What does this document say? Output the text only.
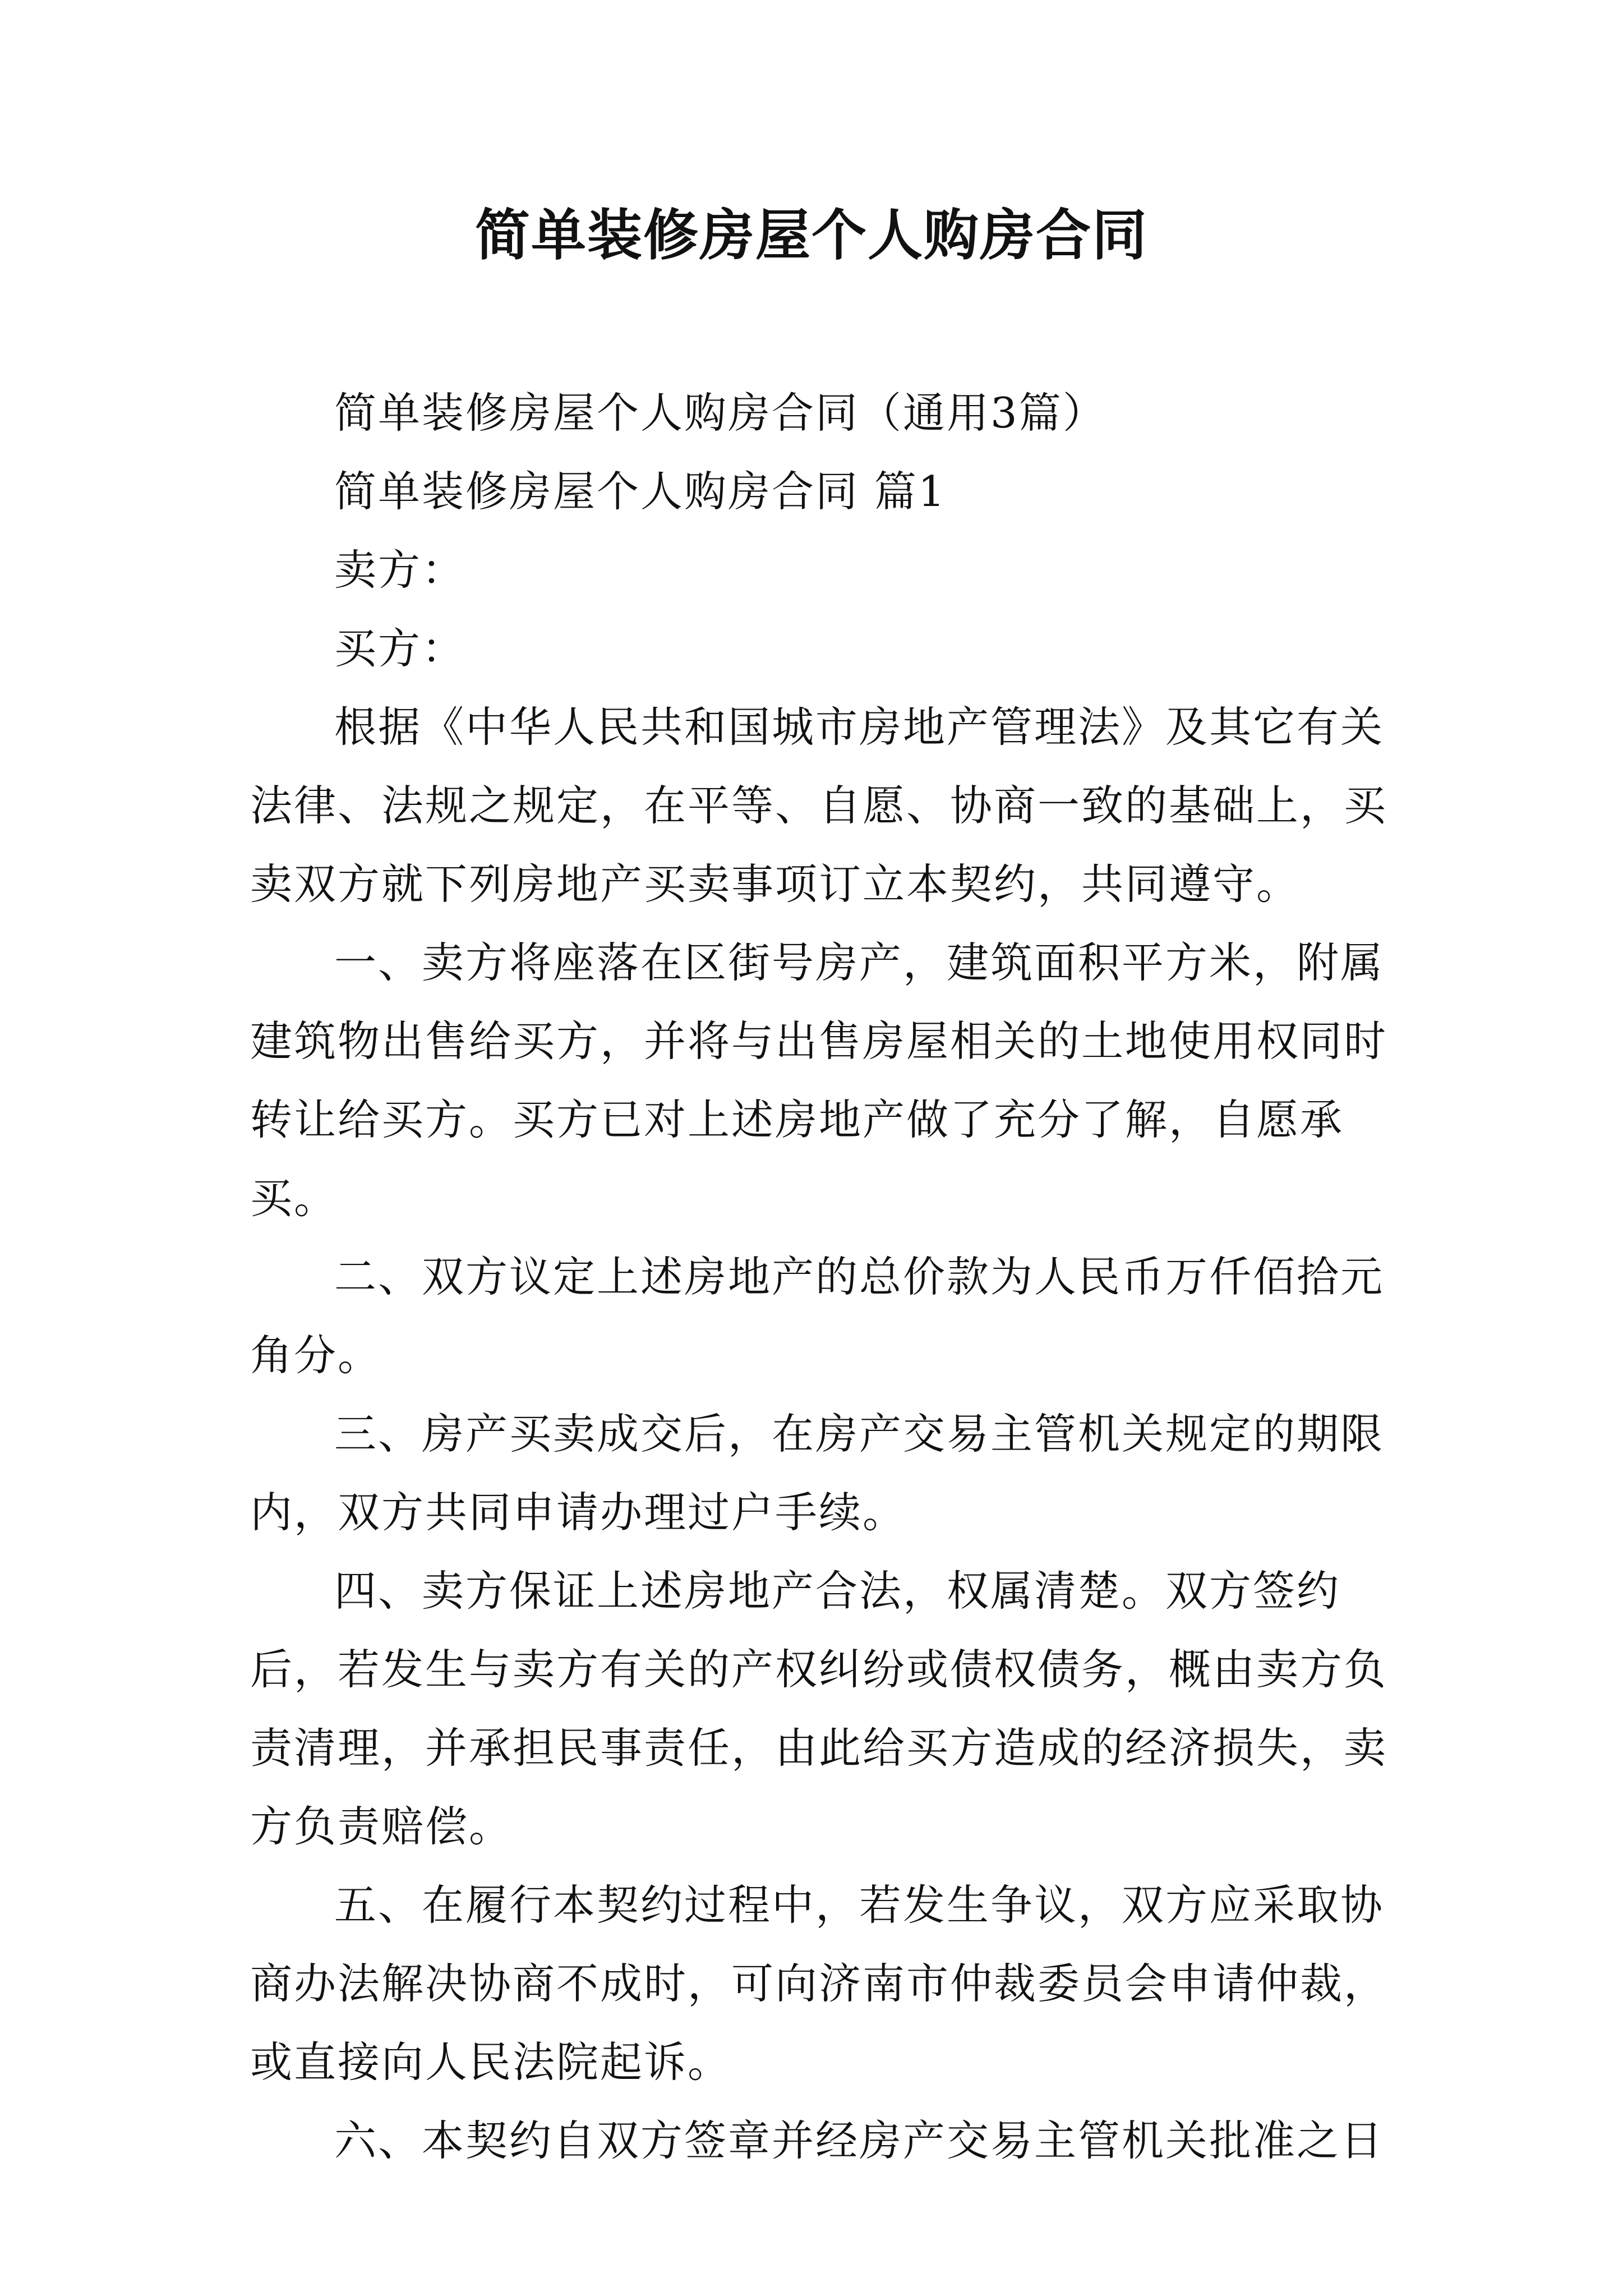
简单装修房屋个人购房合同

简单装修房屋个人购房合同（通用3篇）

简单装修房屋个人购房合同 篇1

卖方：

买方：

根据《中华人民共和国城市房地产管理法》及其它有关法律、法规之规定，在平等、自愿、协商一致的基础上，买卖双方就下列房地产买卖事项订立本契约，共同遵守。

一、卖方将座落在区街号房产，建筑面积平方米，附属建筑物出售给买方，并将与出售房屋相关的土地使用权同时转让给买方。买方已对上述房地产做了充分了解，自愿承买。

二、双方议定上述房地产的总价款为人民币万仟佰拾元角分。

三、房产买卖成交后，在房产交易主管机关规定的期限内，双方共同申请办理过户手续。

四、卖方保证上述房地产合法，权属清楚。双方签约后，若发生与卖方有关的产权纠纷或债权债务，概由卖方负责清理，并承担民事责任，由此给买方造成的经济损失，卖方负责赔偿。

五、在履行本契约过程中，若发生争议，双方应采取协商办法解决协商不成时，可向济南市仲裁委员会申请仲裁，或直接向人民法院起诉。

六、本契约自双方签章并经房产交易主管机关批准之日
